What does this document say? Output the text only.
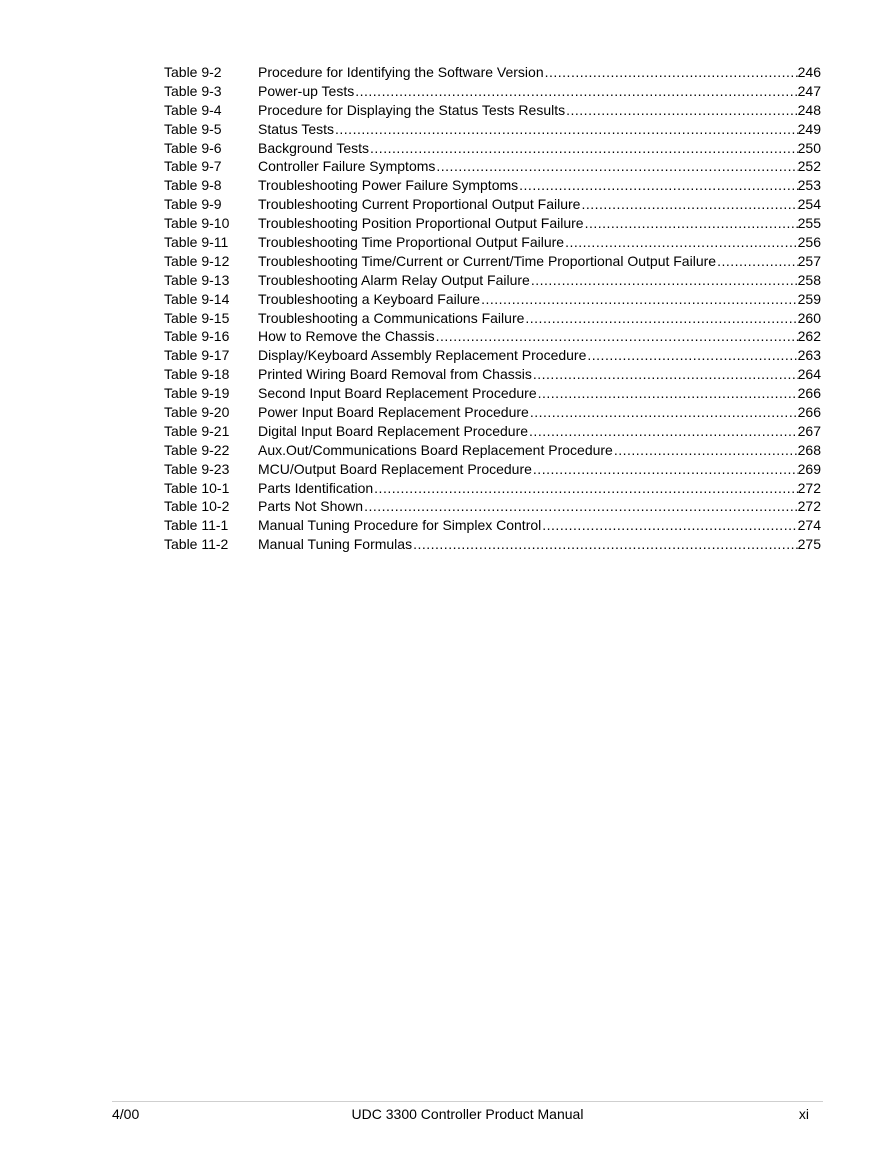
Table 9-2	Procedure for Identifying the Software Version .....	246
Table 9-3	Power-up Tests .....	247
Table 9-4	Procedure for Displaying the Status Tests Results .....	248
Table 9-5	Status Tests .....	249
Table 9-6	Background Tests .....	250
Table 9-7	Controller Failure Symptoms .....	252
Table 9-8	Troubleshooting Power Failure Symptoms .....	253
Table 9-9	Troubleshooting Current Proportional Output Failure .....	254
Table 9-10	Troubleshooting Position Proportional Output Failure .....	255
Table 9-11	Troubleshooting Time Proportional Output Failure .....	256
Table 9-12	Troubleshooting Time/Current or Current/Time Proportional Output Failure .....	257
Table 9-13	Troubleshooting Alarm Relay Output Failure .....	258
Table 9-14	Troubleshooting a Keyboard Failure .....	259
Table 9-15	Troubleshooting a Communications Failure .....	260
Table 9-16	How to Remove the Chassis .....	262
Table 9-17	Display/Keyboard Assembly Replacement Procedure .....	263
Table 9-18	Printed Wiring Board Removal from Chassis .....	264
Table 9-19	Second Input Board Replacement Procedure .....	266
Table 9-20	Power Input Board Replacement Procedure .....	266
Table 9-21	Digital Input Board Replacement Procedure .....	267
Table 9-22	Aux.Out/Communications Board Replacement Procedure .....	268
Table 9-23	MCU/Output Board Replacement Procedure .....	269
Table 10-1	Parts Identification .....	272
Table 10-2	Parts Not Shown .....	272
Table 11-1	Manual Tuning Procedure for Simplex Control .....	274
Table 11-2	Manual Tuning Formulas .....	275
4/00	UDC 3300 Controller Product Manual	xi
